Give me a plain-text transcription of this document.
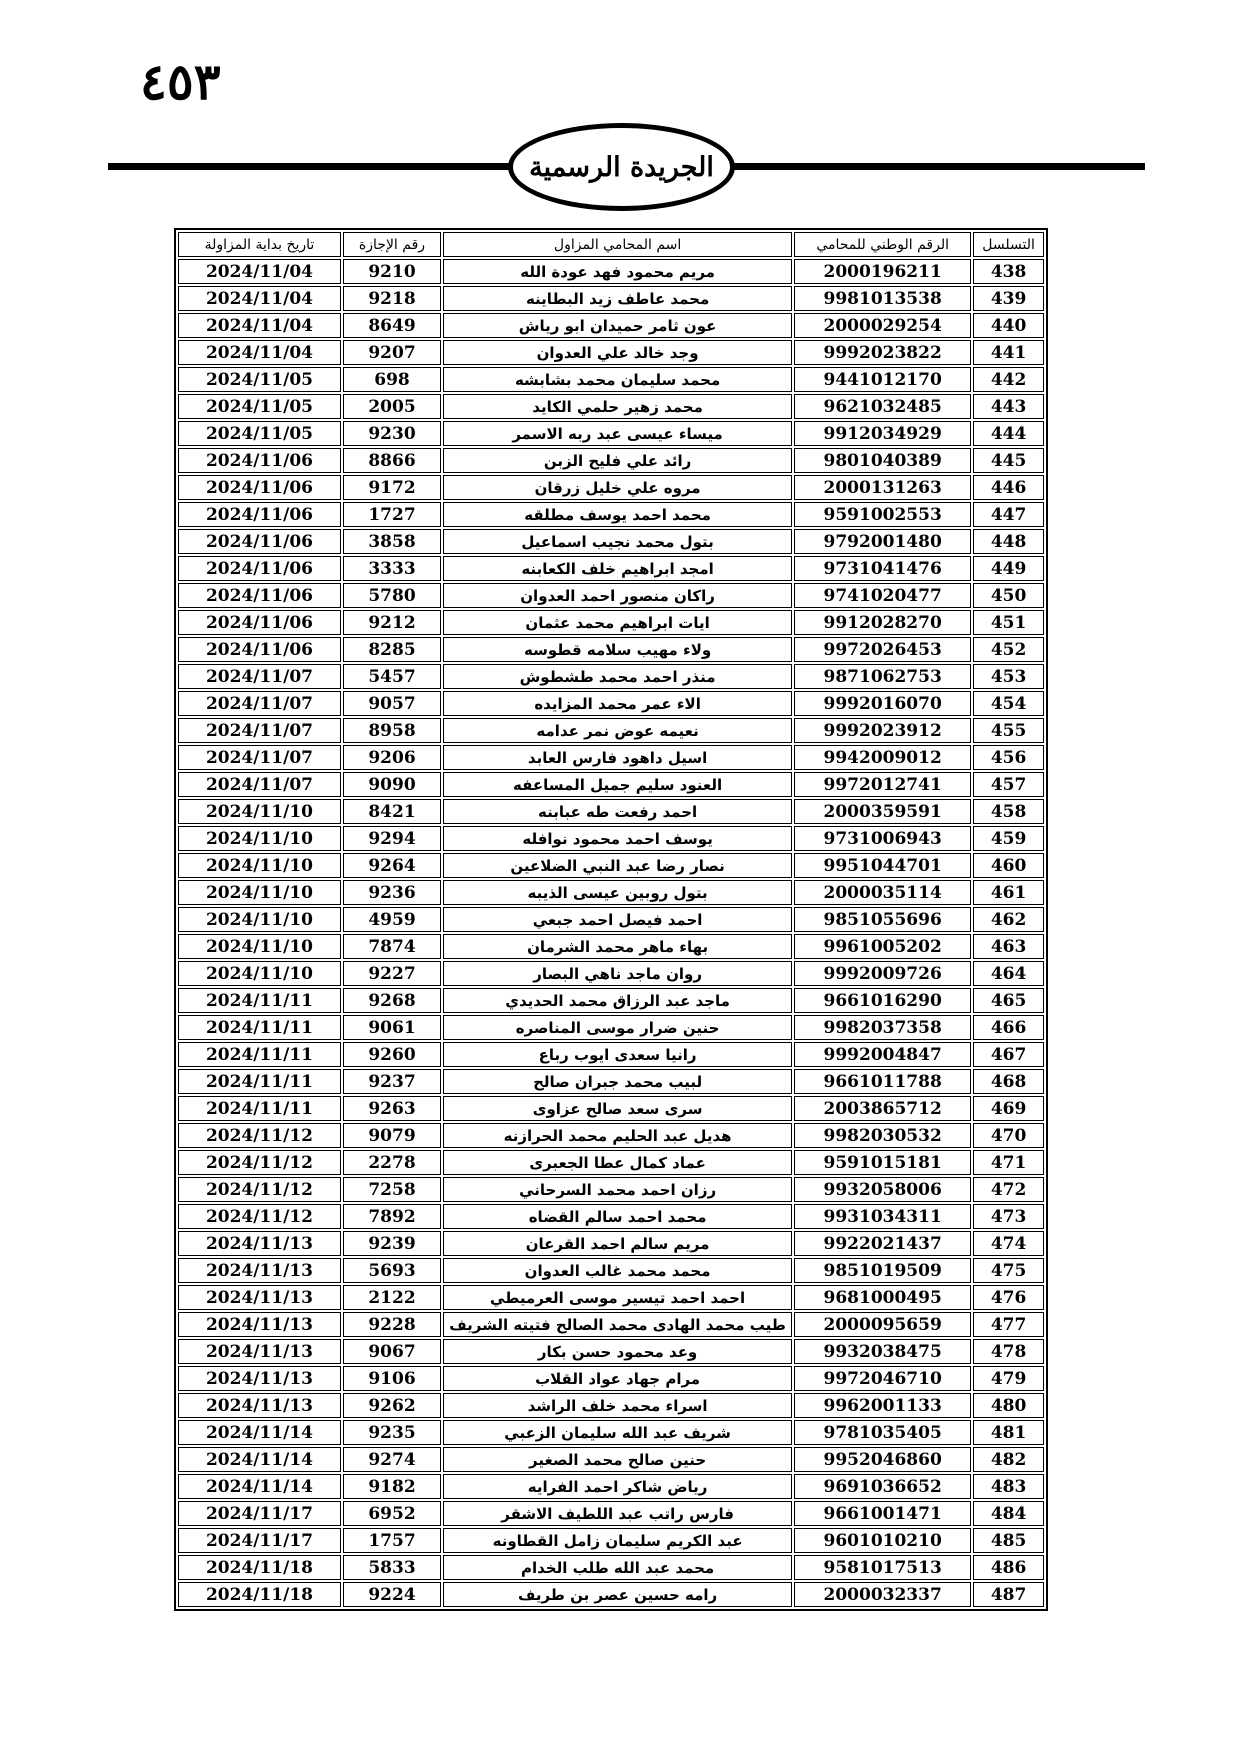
٤٥٣
الجريدة الرسمية
التسلسل	الرقم الوطني للمحامي	اسم المحامي المزاول	رقم الإجازة	تاريخ بداية المزاولة
438	2000196211	مريم محمود فهد عودة الله	9210	2024/11/04
439	9981013538	محمد عاطف زيد البطاينه	9218	2024/11/04
440	2000029254	عون ثامر حميدان ابو رياش	8649	2024/11/04
441	9992023822	وجد خالد علي العدوان	9207	2024/11/04
442	9441012170	محمد سليمان محمد بشابشه	698	2024/11/05
443	9621032485	محمد زهير حلمي الكايد	2005	2024/11/05
444	9912034929	ميساء عيسى عبد ربه الاسمر	9230	2024/11/05
445	9801040389	رائد علي فليح الزبن	8866	2024/11/06
446	2000131263	مروه علي خليل زرقان	9172	2024/11/06
447	9591002553	محمد احمد يوسف مطلقه	1727	2024/11/06
448	9792001480	بتول محمد نجيب اسماعيل	3858	2024/11/06
449	9731041476	امجد ابراهيم خلف الكعابنه	3333	2024/11/06
450	9741020477	راكان منصور احمد العدوان	5780	2024/11/06
451	9912028270	ايات ابراهيم محمد عثمان	9212	2024/11/06
452	9972026453	ولاء مهيب سلامه قطوسه	8285	2024/11/06
453	9871062753	منذر احمد محمد طشطوش	5457	2024/11/07
454	9992016070	الاء عمر محمد المزايده	9057	2024/11/07
455	9992023912	نعيمه عوض نمر عدامه	8958	2024/11/07
456	9942009012	اسيل داهود فارس العابد	9206	2024/11/07
457	9972012741	العنود سليم جميل المساعفه	9090	2024/11/07
458	2000359591	احمد رفعت طه عبابنه	8421	2024/11/10
459	9731006943	يوسف احمد محمود نوافله	9294	2024/11/10
460	9951044701	نصار رضا عبد النبي الضلاعين	9264	2024/11/10
461	2000035114	بتول روبين عيسى الذيبه	9236	2024/11/10
462	9851055696	احمد فيصل احمد جبعي	4959	2024/11/10
463	9961005202	بهاء ماهر محمد الشرمان	7874	2024/11/10
464	9992009726	روان ماجد ناهي البصار	9227	2024/11/10
465	9661016290	ماجد عبد الرزاق محمد الحديدي	9268	2024/11/11
466	9982037358	حنين ضرار موسى المناصره	9061	2024/11/11
467	9992004847	رانيا سعدى ايوب رباع	9260	2024/11/11
468	9661011788	لبيب محمد جبران صالح	9237	2024/11/11
469	2003865712	سرى سعد صالح عزاوى	9263	2024/11/11
470	9982030532	هديل عبد الحليم محمد الحرازنه	9079	2024/11/12
471	9591015181	عماد كمال عطا الجعبرى	2278	2024/11/12
472	9932058006	رزان احمد محمد السرحاني	7258	2024/11/12
473	9931034311	محمد احمد سالم القضاه	7892	2024/11/12
474	9922021437	مريم سالم احمد القرعان	9239	2024/11/13
475	9851019509	محمد محمد غالب العدوان	5693	2024/11/13
476	9681000495	احمد احمد تيسير موسى العرميطي	2122	2024/11/13
477	2000095659	طيب محمد الهادى محمد الصالح فتيته الشريف	9228	2024/11/13
478	9932038475	وعد محمود حسن بكار	9067	2024/11/13
479	9972046710	مرام جهاد عواد القلاب	9106	2024/11/13
480	9962001133	اسراء محمد خلف الراشد	9262	2024/11/13
481	9781035405	شريف عبد الله سليمان الزعبي	9235	2024/11/14
482	9952046860	حنين صالح محمد الصغير	9274	2024/11/14
483	9691036652	رياض شاكر احمد الفرايه	9182	2024/11/14
484	9661001471	فارس راتب عبد اللطيف الاشقر	6952	2024/11/17
485	9601010210	عبد الكريم سليمان زامل القطاونه	1757	2024/11/17
486	9581017513	محمد عبد الله طلب الخدام	5833	2024/11/18
487	2000032337	رامه حسين عصر بن طريف	9224	2024/11/18
